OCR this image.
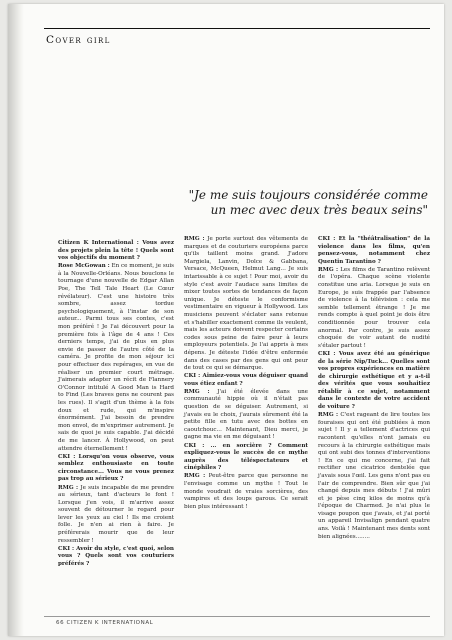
Cover girl
"Je me suis toujours considérée comme
un mec avec deux très beaux seins"

Citizen K International : Vous avez des projets plein la tête ! Quels sont vos objectifs du moment ?

Rose McGowan : En ce moment, je suis à la Nouvelle-Orléans. Nous bouclons le tournage d'une nouvelle de Edgar Allan Poe, The Tell Tale Heart (Le Cœur révélateur). C'est une histoire très sombre, assez tordue psychologiquement, à l'instar de son auteur... Parmi tous ses contes, c'est mon préféré ! Je l'ai découvert pour la première fois à l'âge de 4 ans ! Ces derniers temps, j'ai de plus en plus envie de passer de l'autre côté de la caméra. Je profite de mon séjour ici pour effectuer des repérages, en vue de réaliser un premier court métrage. J'aimerais adapter un récit de Flannery O'Connor intitulé A Good Man is Hard to Find (Les braves gens ne courent pas les rues). Il s'agit d'un thème à la fois doux et rude, qui m'inspire énormément. J'ai besoin de prendre mon envol, de m'exprimer autrement. Je sais de quoi je suis capable. J'ai décidé de me lancer. À Hollywood, on peut attendre éternellement !

CKI : Lorsqu'on vous observe, vous semblez enthousiaste en toute circonstance... Vous ne vous prenez pas trop au sérieux ?

RMG : Je suis incapable de me prendre au sérieux, tant d'acteurs le font ! Lorsque j'en vois, il m'arrive assez souvent de détourner le regard pour lever les yeux au ciel ! Ils me croient folle. Je n'en ai rien à faire. Je préférerais mourir que de leur ressembler !

CKI : Avoir du style, c'est quoi, selon vous ? Quels sont vos couturiers préférés ?

RMG : Je porte surtout des vêtements de marques et de couturiers européens parce qu'ils taillent moins grand. J'adore Margiela, Lanvin, Dolce & Gabbana, Versace, McQueen, Helmut Lang... Je suis intarissable à ce sujet ! Pour moi, avoir du style c'est avoir l'audace sans limites de mixer toutes sortes de tendances de façon unique. Je déteste le conformisme vestimentaire en vigueur à Hollywood. Les musiciens peuvent s'éclater sans retenue et s'habiller exactement comme ils veulent, mais les acteurs doivent respecter certains codes sous peine de faire peur à leurs employeurs potentiels. Je l'ai appris à mes dépens. Je déteste l'idée d'être enfermée dans des cases par des gens qui ont peur de tout ce qui se démarque.

CKI : Aimiez-vous vous déguiser quand vous étiez enfant ?

RMG : J'ai été élevée dans une communauté hippie où il n'était pas question de se déguiser. Autrement, si j'avais eu le choix, j'aurais sûrement été la petite fille en tutu avec des bottes en caoutchouc... Maintenant, Dieu merci, je gagne ma vie en me déguisant !

CKI : ... en sorcière ? Comment expliquez-vous le succès de ce mythe auprès des téléspectateurs et cinéphiles ?

RMG : Peut-être parce que personne ne l'envisage comme un mythe ! Tout le monde voudrait de vraies sorcières, des vampires et des loups garous. Ce serait bien plus intéressant !

CKI : Et la "théâtralisation" de la violence dans les films, qu'en pensez-vous, notamment chez Quentin Tarantino ?

RMG : Les films de Tarantino relèvent de l'opéra. Chaque scène violente constitue une aria. Lorsque je suis en Europe, je suis frappée par l'absence de violence à la télévision : cela me semble tellement étrange ! Je me rends compte à quel point je dois être conditionnée pour trouver cela anormal. Par contre, je suis assez choquée de voir autant de nudité s'étaler partout !

CKI : Vous avez été au générique de la série Nip/Tuck... Quelles sont vos propres expériences en matière de chirurgie esthétique et y a-t-il des vérités que vous souhaitiez rétablir à ce sujet, notamment dans le contexte de votre accident de voiture ?

RMG : C'est rageant de lire toutes les fouraises qui ont été publiées à mon sujet ! Il y a tellement d'actrices qui racontent qu'elles n'ont jamais eu recours à la chirurgie esthétique mais qui ont subi des tonnes d'interventions ! En ce qui me concerne, j'ai fait rectifier une cicatrice dentelée que j'avais sous l'œil. Les gens n'ont pas eu l'air de comprendre. Bien sûr que j'ai changé depuis mes débuts ! J'ai mûri et je pèse cinq kilos de moins qu'à l'époque de Charmed. Je n'ai plus le visage poupon que j'avais, et j'ai porté un appareil Invisalign pendant quatre ans. Voilà ! Maintenant mes dents sont bien alignées........

66 CITIZEN K INTERNATIONAL
